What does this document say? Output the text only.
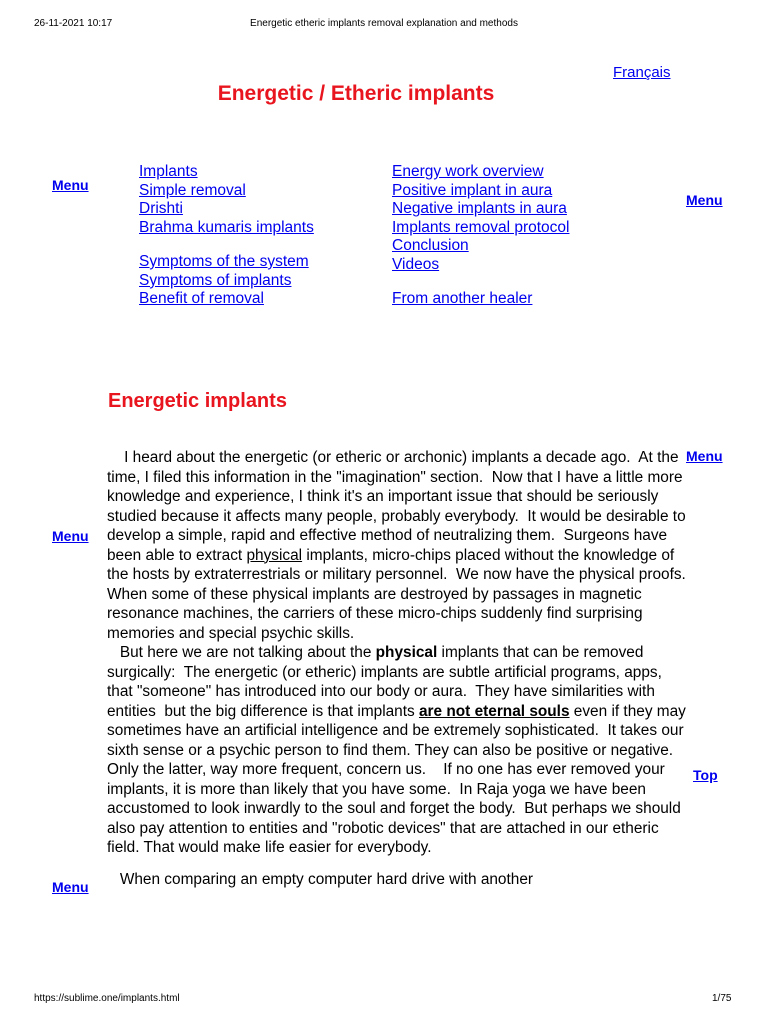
26-11-2021 10:17	Energetic etheric implants removal explanation and methods
Français
Energetic / Etheric implants
Menu
Menu
Menu
Menu
Top
Menu
Implants
Simple removal
Drishti
Brahma kumaris implants
Symptoms of the system
Symptoms of implants
Benefit of removal
Energy work overview
Positive implant in aura
Negative implants in aura
Implants removal protocol
Conclusion
Videos
From another healer
Energetic implants

I heard about the energetic (or etheric or archonic) implants a decade ago.  At the time, I filed this information in the "imagination" section.  Now that I have a little more knowledge and experience, I think it's an important issue that should be seriously studied because it affects many people, probably everybody.  It would be desirable to develop a simple, rapid and effective method of neutralizing them.  Surgeons have been able to extract physical implants, micro-chips placed without the knowledge of the hosts by extraterrestrials or military personnel.  We now have the physical proofs.  When some of these physical implants are destroyed by passages in magnetic resonance machines, the carriers of these micro-chips suddenly find surprising memories and special psychic skills.

But here we are not talking about the physical implants that can be removed surgically:  The energetic (or etheric) implants are subtle artificial programs, apps, that "someone" has introduced into our body or aura.  They have similarities with entities  but the big difference is that implants are not eternal souls even if they may sometimes have an artificial intelligence and be extremely sophisticated.  It takes our sixth sense or a psychic person to find them. They can also be positive or negative.  Only the latter, way more frequent, concern us.    If no one has ever removed your implants, it is more than likely that you have some.  In Raja yoga we have been accustomed to look inwardly to the soul and forget the body.  But perhaps we should also pay attention to entities and "robotic devices" that are attached in our etheric field. That would make life easier for everybody.

When comparing an empty computer hard drive with another

https://sublime.one/implants.html	1/75
